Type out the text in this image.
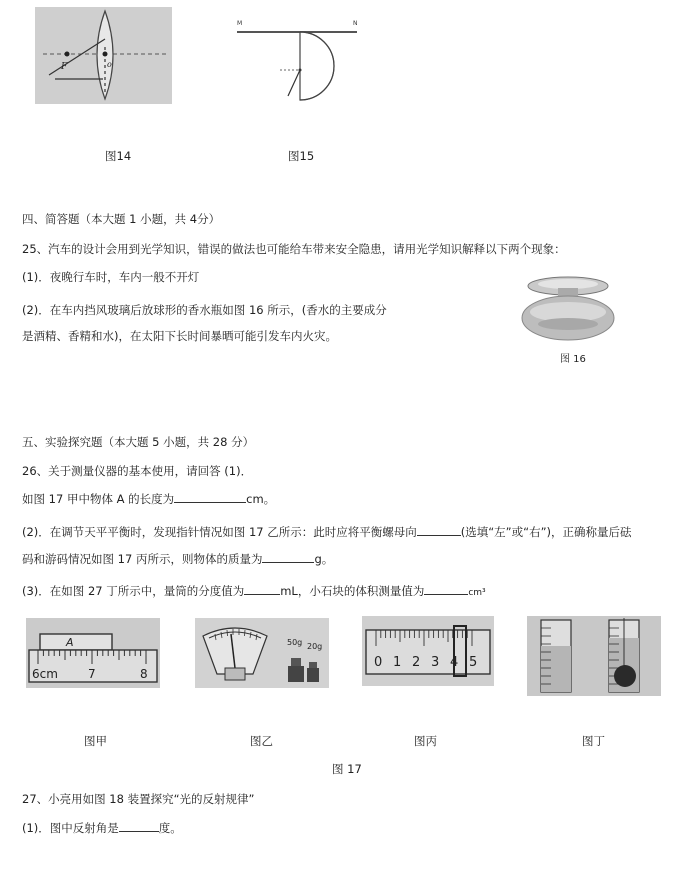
F	o
M	N
图14	图15
四、简答题（本大题 1 小题，共 4分）
25、汽车的设计会用到光学知识，错误的做法也可能给车带来安全隐患，请用光学知识解释以下两个现象：
(1)．夜晚行车时，车内一般不开灯
(2)．在车内挡风玻璃后放球形的香水瓶如图 16 所示，(香水的主要成分
是酒精、香精和水)，在太阳下长时间暴晒可能引发车内火灾。
图 16
五、实验探究题（本大题 5 小题，共 28 分）
26、关于测量仪器的基本使用，请回答 (1)．
如图 17 甲中物体 A 的长度为	cm。
(2)．在调节天平平衡时，发现指针情况如图 17 乙所示：此时应将平衡螺母向	(选填“左”或“右”)，正确称量后砝
码和游码情况如图 17 丙所示，则物体的质量为	g。
(3)．在如图 27 丁所示中，量筒的分度值为	mL，小石块的体积测量值为	cm³
A
6cm	7	8
50g 20g
0 1 2 3 4 5
图甲	图乙	图丙	图丁
图 17
27、小亮用如图 18 装置探究“光的反射规律”
(1)．图中反射角是	度。
